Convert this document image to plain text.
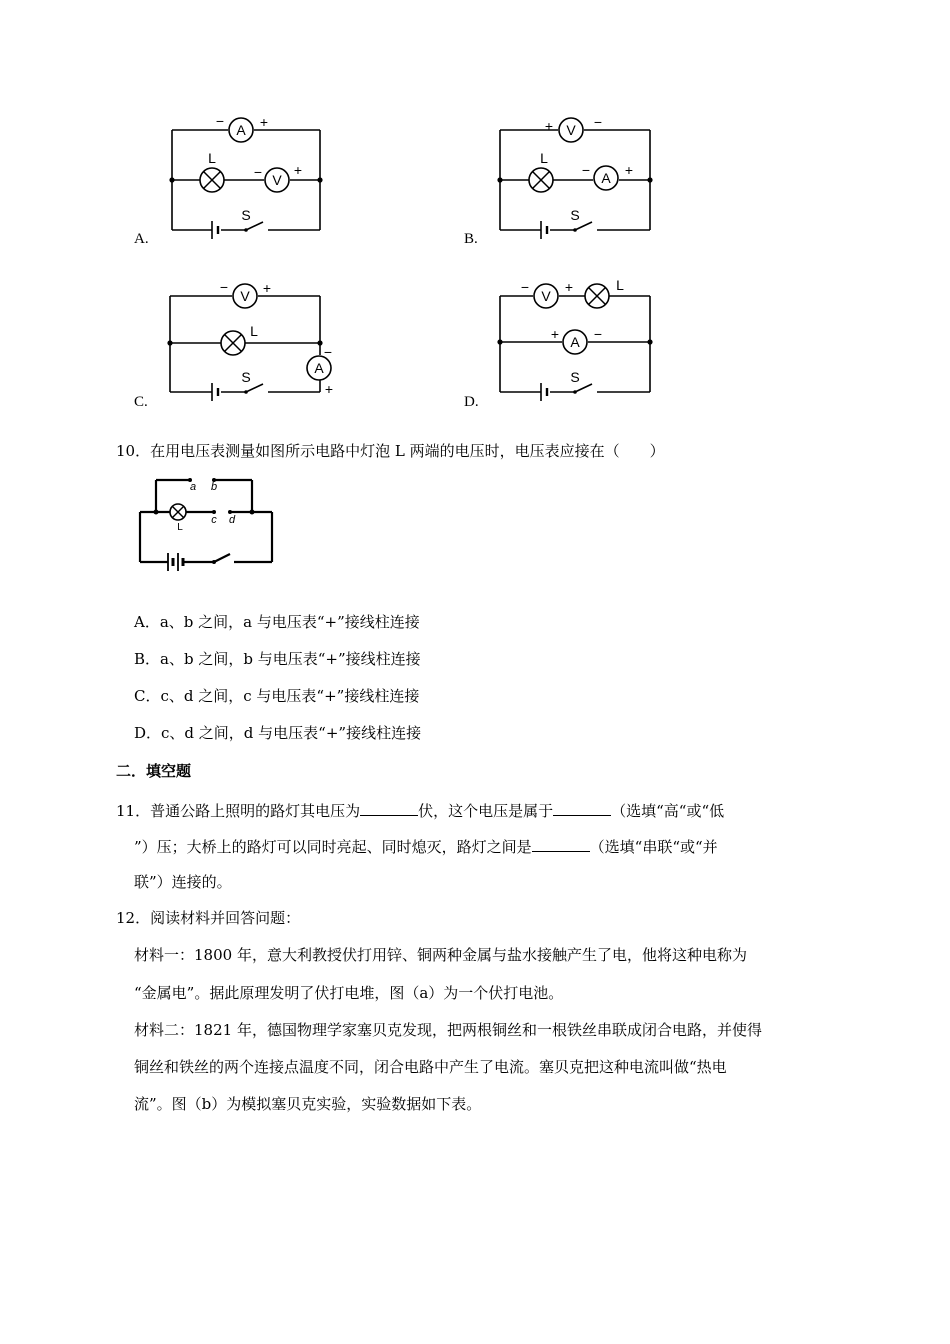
A
−	+
L
V
− +
S
A.
V
+	−
L
A
− +
S
B.
V
− +
L
A
−
+
S
C.
V
−	+	L
A
+ −
S
D.
10．在用电压表测量如图所示电路中灯泡 L 两端的电压时，电压表应接在（　　）
L
a b
c d
A．a、b 之间，a 与电压表“+”接线柱连接
B．a、b 之间，b 与电压表“+”接线柱连接
C．c、d 之间，c 与电压表“+”接线柱连接
D．c、d 之间，d 与电压表“+”接线柱连接
二．填空题
11．普通公路上照明的路灯其电压为	伏，这个电压是属于	（选填“高“或“低
”）压；大桥上的路灯可以同时亮起、同时熄灭，路灯之间是	（选填“串联“或“并
联”）连接的。
12．阅读材料并回答问题：
材料一：1800 年，意大利教授伏打用锌、铜两种金属与盐水接触产生了电，他将这种电称为
“金属电”。据此原理发明了伏打电堆，图（a）为一个伏打电池。
材料二：1821 年，德国物理学家塞贝克发现，把两根铜丝和一根铁丝串联成闭合电路，并使得
铜丝和铁丝的两个连接点温度不同，闭合电路中产生了电流。塞贝克把这种电流叫做“热电
流”。图（b）为模拟塞贝克实验，实验数据如下表。
